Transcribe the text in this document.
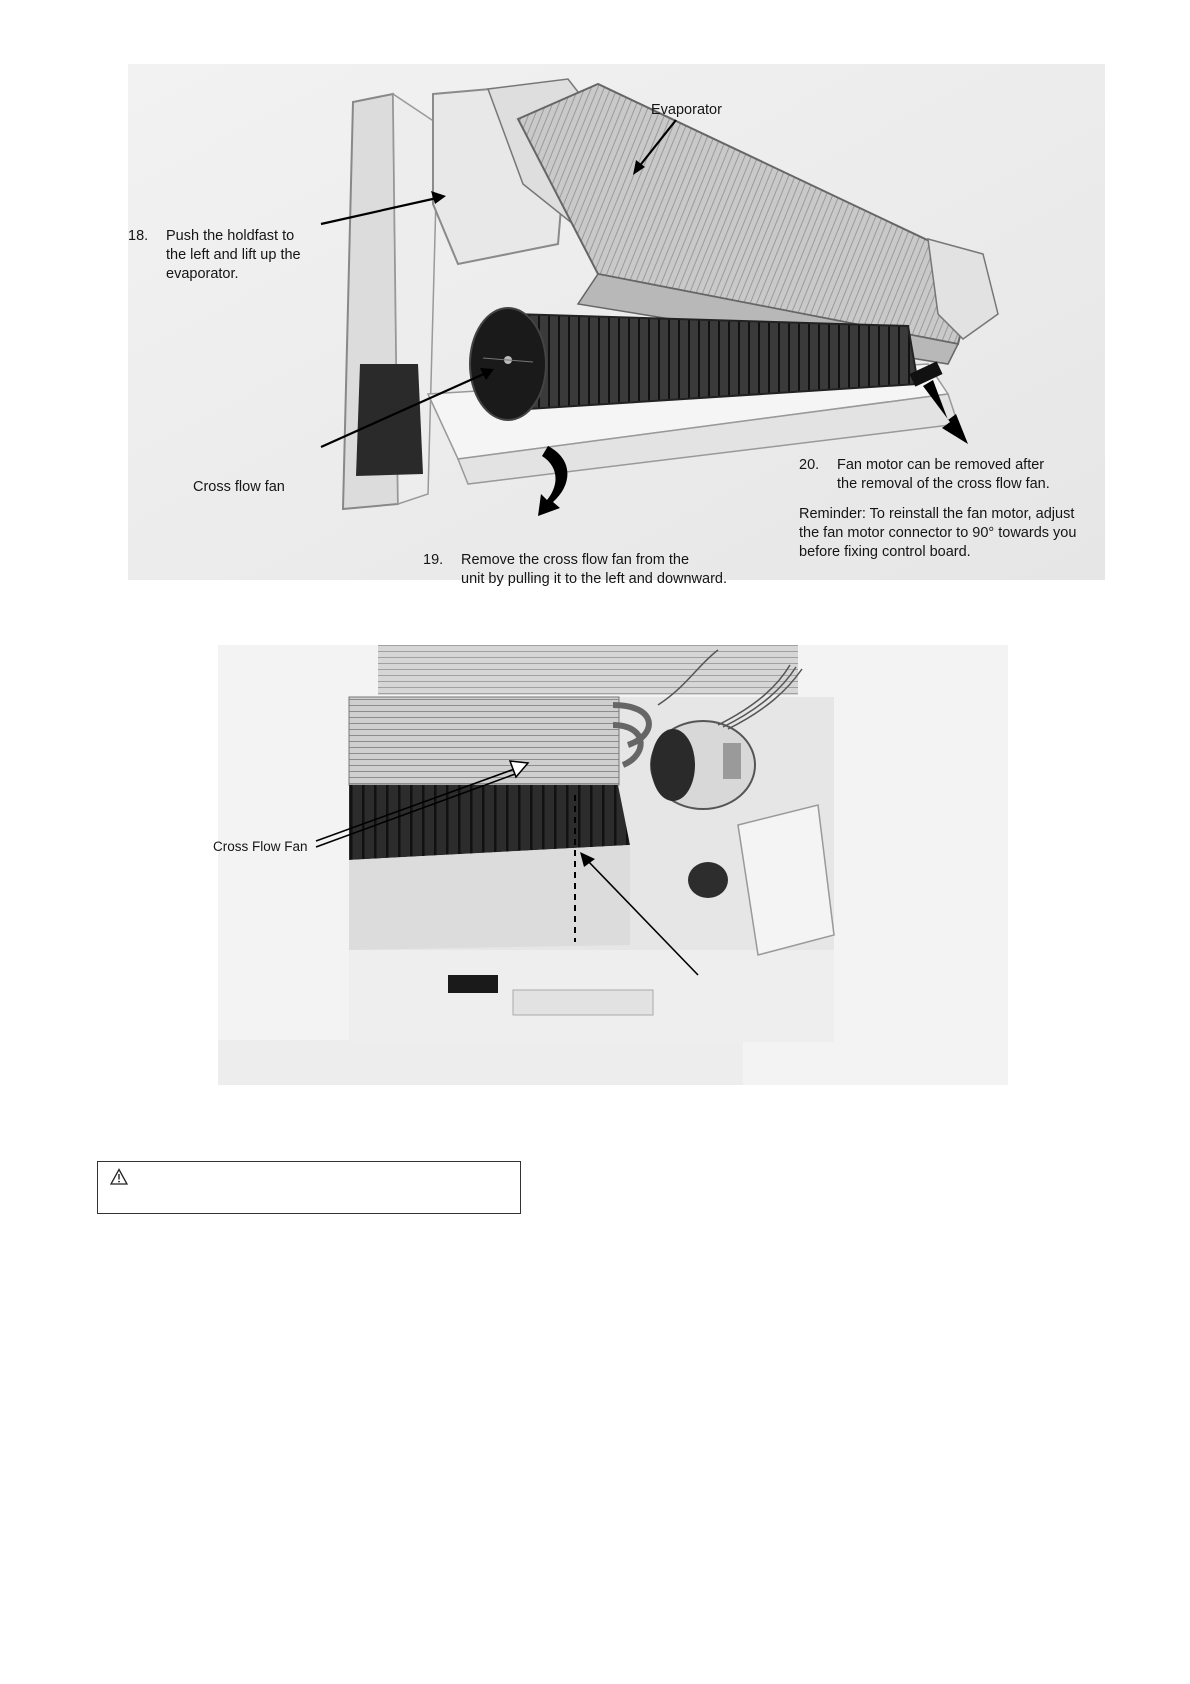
Evaporator
18.	Push the holdfast to
the left and lift up the
evaporator.
Cross flow fan
19.	Remove the cross flow fan from the
unit by pulling it to the left and downward.
20.	Fan motor can be removed after
the removal of the cross flow fan.
Reminder: To reinstall the fan motor, adjust
the fan motor connector to 90° towards you
before fixing control board.
Cross Flow Fan
